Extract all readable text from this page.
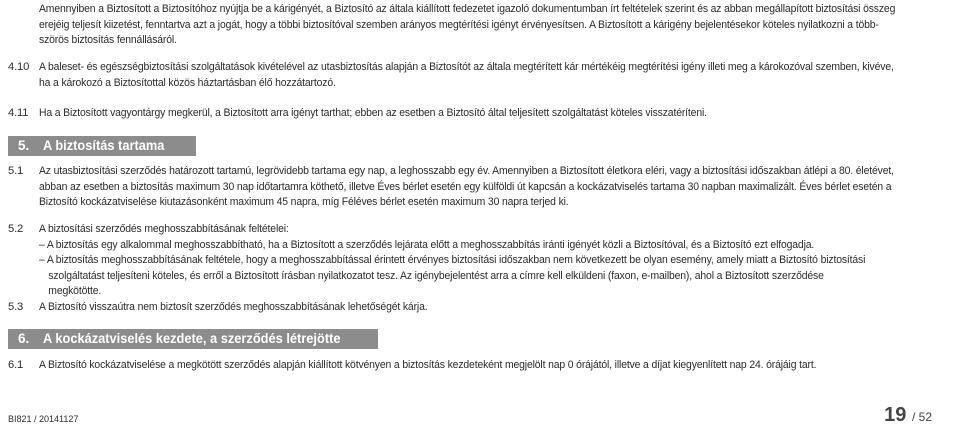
Amennyiben a Biztosított a Biztosítóhoz nyújtja be a kárigényét, a Biztosító az általa kiállított fedezetet igazoló dokumentumban írt feltételek szerint és az abban megállapított biztosítási összeg
erejéig teljesít kiizetést, fenntartva azt a jogát, hogy a többi biztosítóval szemben arányos megtérítési igényt érvényesítsen. A Biztosított a kárigény bejelentésekor köteles nyilatkozni a több-
szörös biztosítás fennállásáról.
4.10 A baleset- és egészségbiztosítási szolgáltatások kivételével az utasbiztosítás alapján a Biztosítót az általa megtérített kár mértékéig megtérítési igény illeti meg a károkozóval szemben, kivéve,
ha a károkozó a Biztosítottal közös háztartásban élő hozzátartozó.
4.11 Ha a Biztosított vagyontárgy megkerül, a Biztosított arra igényt tarthat; ebben az esetben a Biztosító által teljesített szolgáltatást köteles visszatéríteni.
5. A biztosítás tartama
5.1	Az utasbiztosítási szerződés határozott tartamú, legrövidebb tartama egy nap, a leghosszabb egy év. Amennyiben a Biztosított életkora eléri, vagy a biztosítási időszakban átlépi a 80. életévet,
abban az esetben a biztosítás maximum 30 nap időtartamra köthető, illetve Éves bérlet esetén egy külföldi út kapcsán a kockázatviselés tartama 30 napban maximalizált. Éves bérlet esetén a
Biztosító kockázatviselése kiutazásonként maximum 45 napra, míg Féléves bérlet esetén maximum 30 napra terjed ki.
5.2	A biztosítási szerződés meghosszabbításának feltételei:
– A biztosítás egy alkalommal meghosszabbítható, ha a Biztosított a szerződés lejárata előtt a meghosszabbítás iránti igényét közli a Biztosítóval, és a Biztosító ezt elfogadja.
– A biztosítás meghosszabbításának feltétele, hogy a meghosszabbítással érintett érvényes biztosítási időszakban nem következett be olyan esemény, amely miatt a Biztosító biztosítási
szolgáltatást teljesíteni köteles, és erről a Biztosított írásban nyilatkozatot tesz. Az igénybejelentést arra a címre kell elküldeni (faxon, e-mailben), ahol a Biztosított szerződése
megkötötte.
5.3	A Biztosító visszaútra nem biztosít szerződés meghosszabbításának lehetőségét kárja.
6. A kockázatviselés kezdete, a szerződés létrejötte
6.1	A Biztosító kockázatviselése a megkötött szerződés alapján kiállított kötvényen a biztosítás kezdeteként megjelölt nap 0 órájától, illetve a díjat kiegyenlített nap 24. órájáig tart.
BI821 / 20141127	19 / 52
